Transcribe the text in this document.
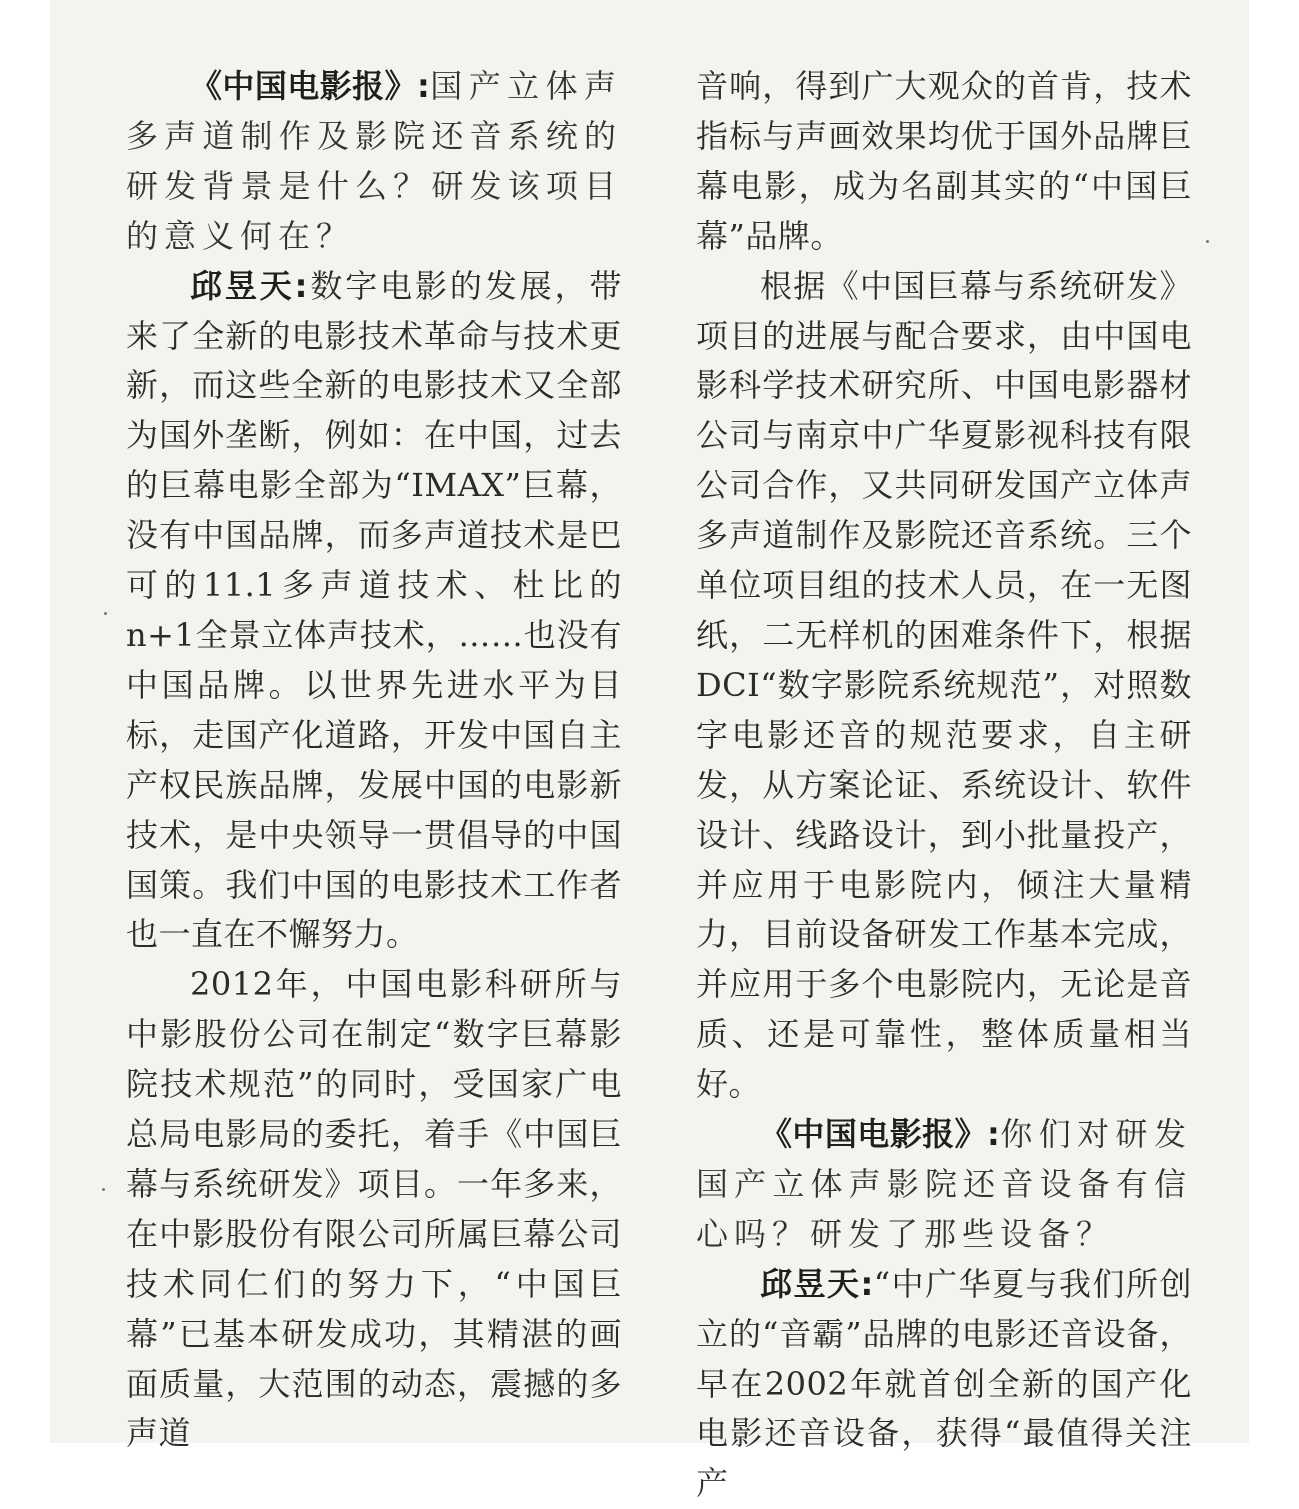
《中国电影报》:国产立体声多声道制作及影院还音系统的研发背景是什么？研发该项目的意义何在？

邱昱天:数字电影的发展，带来了全新的电影技术革命与技术更新，而这些全新的电影技术又全部为国外垄断，例如：在中国，过去的巨幕电影全部为“IMAX”巨幕，没有中国品牌，而多声道技术是巴可的11.1多声道技术、杜比的n+1全景立体声技术，……也没有中国品牌。以世界先进水平为目标，走国产化道路，开发中国自主产权民族品牌，发展中国的电影新技术，是中央领导一贯倡导的中国国策。我们中国的电影技术工作者也一直在不懈努力。

2012年，中国电影科研所与中影股份公司在制定“数字巨幕影院技术规范”的同时，受国家广电总局电影局的委托，着手《中国巨幕与系统研发》项目。一年多来，在中影股份有限公司所属巨幕公司技术同仁们的努力下，“中国巨幕”已基本研发成功，其精湛的画面质量，大范围的动态，震撼的多声道

音响，得到广大观众的首肯，技术指标与声画效果均优于国外品牌巨幕电影，成为名副其实的“中国巨幕”品牌。

根据《中国巨幕与系统研发》项目的进展与配合要求，由中国电影科学技术研究所、中国电影器材公司与南京中广华夏影视科技有限公司合作，又共同研发国产立体声多声道制作及影院还音系统。三个单位项目组的技术人员，在一无图纸，二无样机的困难条件下，根据DCI“数字影院系统规范”，对照数字电影还音的规范要求，自主研发，从方案论证、系统设计、软件设计、线路设计，到小批量投产，并应用于电影院内，倾注大量精力，目前设备研发工作基本完成，并应用于多个电影院内，无论是音质、还是可靠性，整体质量相当好。

《中国电影报》:你们对研发国产立体声影院还音设备有信心吗？研发了那些设备？

邱昱天:“中广华夏与我们所创立的“音霸”品牌的电影还音设备，早在2002年就首创全新的国产化电影还音设备，获得“最值得关注产
